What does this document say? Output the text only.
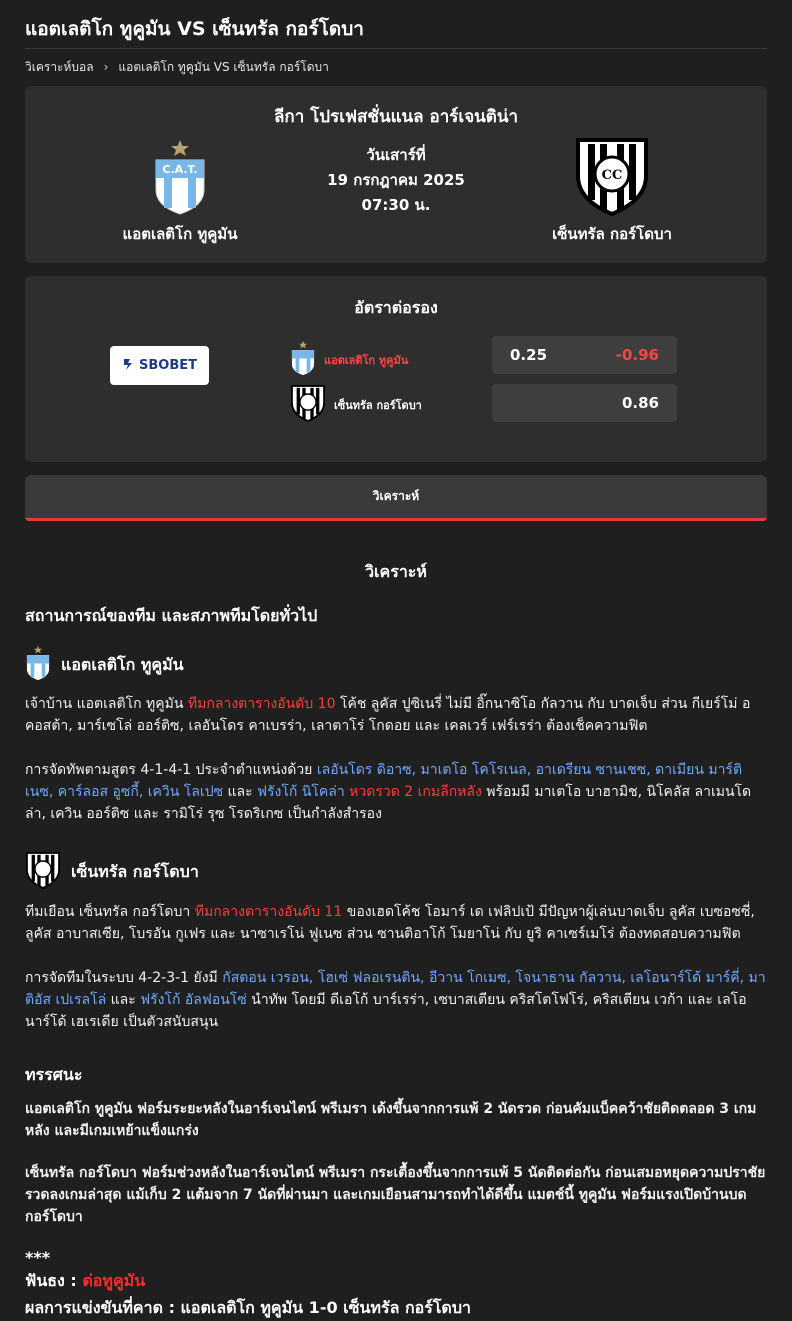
แอตเลติโก ทูคูมัน VS เซ็นทรัล กอร์โดบา
วิเคราะห์บอล › แอตเลติโก ทูคูมัน VS เซ็นทรัล กอร์โดบา
ลีกา โปรเฟสชั่นแนล อาร์เจนติน่า
C.A.T.
แอตเลติโก ทูคูมัน
วันเสาร์ที่
19 กรกฎาคม 2025
07:30 น.
CC
เซ็นทรัล กอร์โดบา
อัตราต่อรอง
SBOBET	แอตเลติโก ทูคูมัน
เซ็นทรัล กอร์โดบา
0.25	-0.96
0.86
วิเคราะห์
วิเคราะห์
สถานการณ์ของทีม และสภาพทีมโดยทั่วไป
แอตเลติโก ทูคูมัน

เจ้าบ้าน แอตเลติโก ทูคูมัน ทีมกลางตารางอันดับ 10 โค้ช ลูคัส ปูซิเนรี่ ไม่มี อิ๊กนาซิโอ กัลวาน กับ บาดเจ็บ ส่วน กีเยร์โม่ อคอสต้า, มาร์เซโล่ ออร์ติซ, เลอันโดร คาเบรร่า, เลาตาโร่ โกดอย และ เคลเวร์ เฟร์เรร่า ต้องเช็คความฟิต

การจัดทัพตามสูตร 4-1-4-1 ประจำตำแหน่งด้วย เลอันโดร ดิอาซ, มาเตโอ โคโรเนล, อาเดรียน ซานเชซ, ดาเมียน มาร์ติเนซ, คาร์ลอส อูซกี้, เควิน โลเปซ และ ฟรังโก้ นิโคล่า หวดรวด 2 เกมลีกหลัง พร้อมมี มาเตโอ บาฮามิช, นิโคลัส ลาเมนโดล่า, เควิน ออร์ติซ และ รามิโร่ รุซ โรดริเกซ เป็นกำลังสำรอง

เซ็นทรัล กอร์โดบา

ทีมเยือน เซ็นทรัล กอร์โดบา ทีมกลางตารางอันดับ 11 ของเฮดโค้ช โอมาร์ เด เฟลิปเป้ มีปัญหาผู้เล่นบาดเจ็บ ลูคัส เบซอซซี่, ลูคัส อาบาสเซีย, โบรอัน กูเฟร และ นาซาเรโน่ ฟูเนซ ส่วน ซานติอาโก้ โมยาโน่ กับ ยูริ คาเซร์เมโร่ ต้องทดสอบความฟิต

การจัดทีมในระบบ 4-2-3-1 ยังมี กัสตอน เวรอน, โฮเซ่ ฟลอเรนติน, อีวาน โกเมซ, โจนาธาน กัลวาน, เลโอนาร์โด้ มาร์คี่, มาติอัส เปเรลโล่ และ ฟรังโก้ อัลฟอนโซ่ นำทัพ โดยมี ดีเอโก้ บาร์เรร่า, เซบาสเตียน คริสโตโฟโร่, คริสเตียน เวก้า และ เลโอนาร์โด้ เฮเรเดีย เป็นตัวสนับสนุน

ทรรศนะ

แอตเลติโก ทูคูมัน ฟอร์มระยะหลังในอาร์เจนไตน์ พรีเมรา เด้งขึ้นจากการแพ้ 2 นัดรวด ก่อนคัมแบ็คคว้าชัยติดตลอด 3 เกมหลัง และมีเกมเหย้าแข็งแกร่ง

เซ็นทรัล กอร์โดบา ฟอร์มช่วงหลังในอาร์เจนไตน์ พรีเมรา กระเตื้องขึ้นจากการแพ้ 5 นัดติดต่อกัน ก่อนเสมอหยุดความปราชัยรวดลงเกมล่าสุด แม้เก็บ 2 แต้มจาก 7 นัดที่ผ่านมา และเกมเยือนสามารถทำได้ดีขึ้น แมตช์นี้ ทูคูมัน ฟอร์มแรงเปิดบ้านบด กอร์โดบา

***
ฟันธง : ต่อทูคูมัน
ผลการแข่งขันที่คาด : แอตเลติโก ทูคูมัน 1-0 เซ็นทรัล กอร์โดบา
